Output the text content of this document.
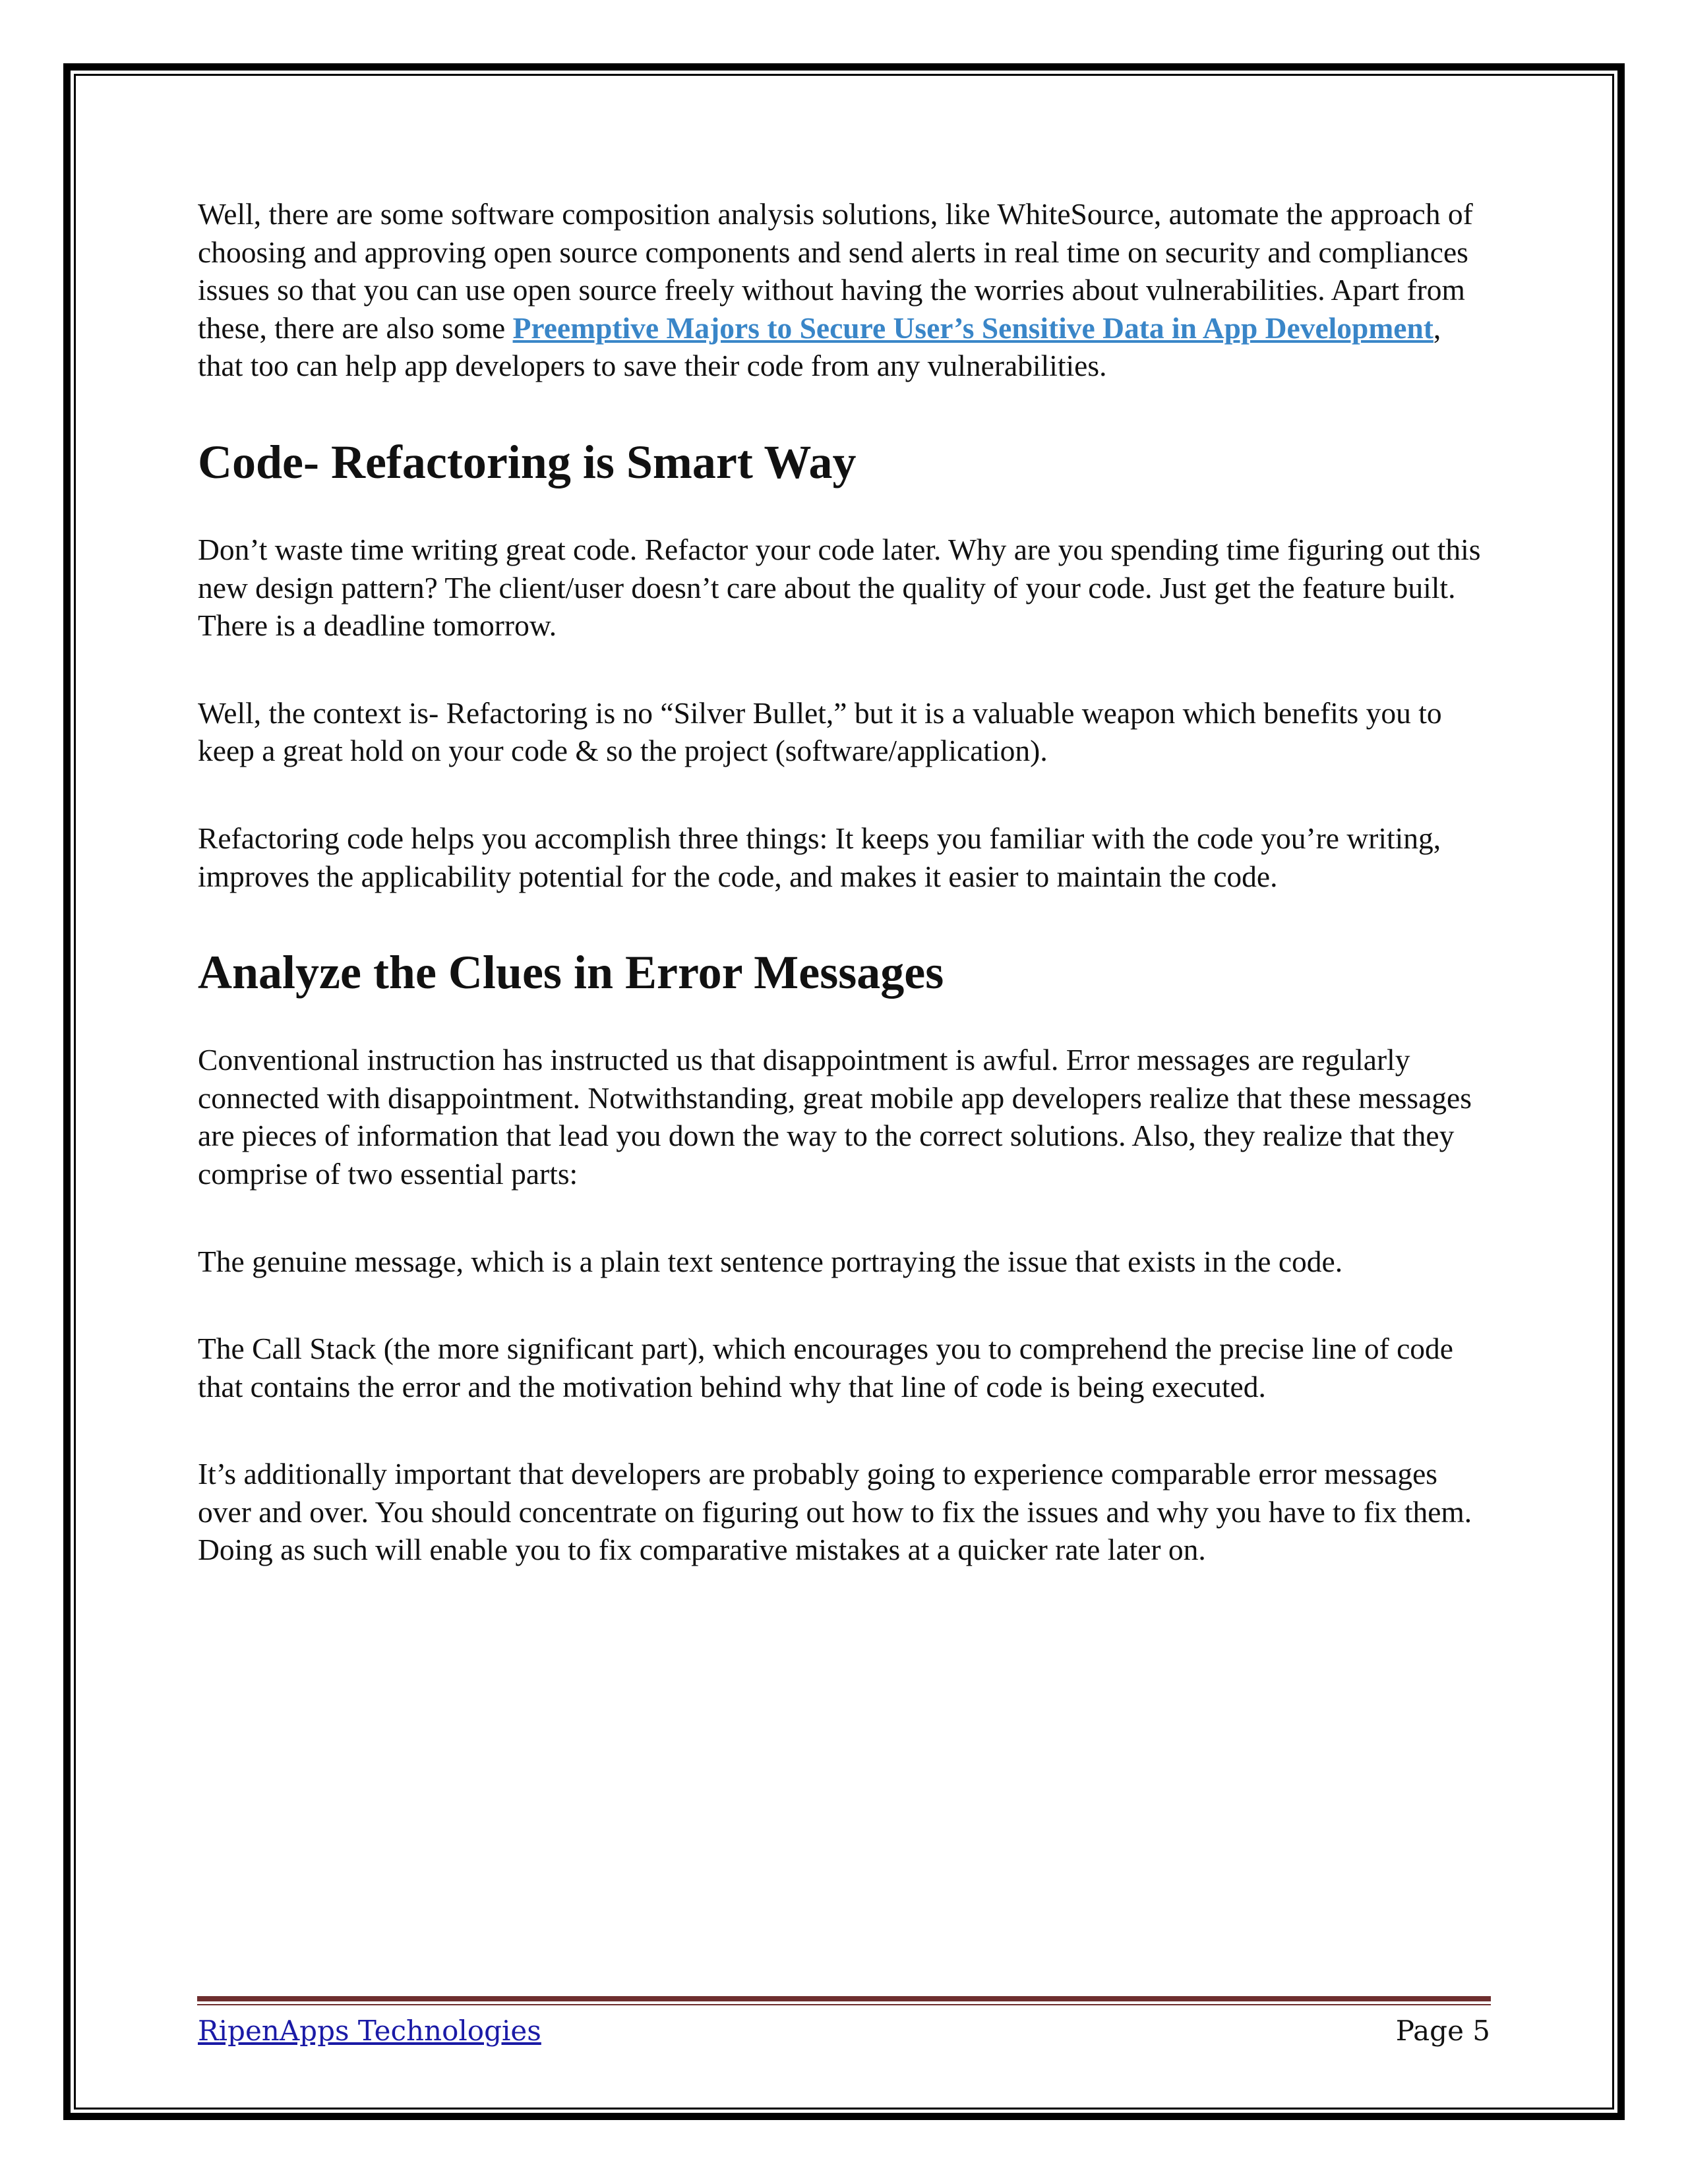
Well, there are some software composition analysis solutions, like WhiteSource, automate the approach of choosing and approving open source components and send alerts in real time on security and compliances issues so that you can use open source freely without having the worries about vulnerabilities. Apart from these, there are also some Preemptive Majors to Secure User’s Sensitive Data in App Development, that too can help app developers to save their code from any vulnerabilities.

Code- Refactoring is Smart Way

Don’t waste time writing great code. Refactor your code later. Why are you spending time figuring out this new design pattern? The client/user doesn’t care about the quality of your code. Just get the feature built. There is a deadline tomorrow.

Well, the context is- Refactoring is no “Silver Bullet,” but it is a valuable weapon which benefits you to keep a great hold on your code & so the project (software/application).

Refactoring code helps you accomplish three things: It keeps you familiar with the code you’re writing, improves the applicability potential for the code, and makes it easier to maintain the code.

Analyze the Clues in Error Messages

Conventional instruction has instructed us that disappointment is awful. Error messages are regularly connected with disappointment. Notwithstanding, great mobile app developers realize that these messages are pieces of information that lead you down the way to the correct solutions. Also, they realize that they comprise of two essential parts:

The genuine message, which is a plain text sentence portraying the issue that exists in the code.

The Call Stack (the more significant part), which encourages you to comprehend the precise line of code that contains the error and the motivation behind why that line of code is being executed.

It’s additionally important that developers are probably going to experience comparable error messages over and over. You should concentrate on figuring out how to fix the issues and why you have to fix them. Doing as such will enable you to fix comparative mistakes at a quicker rate later on.

RipenApps Technologies	Page 5
